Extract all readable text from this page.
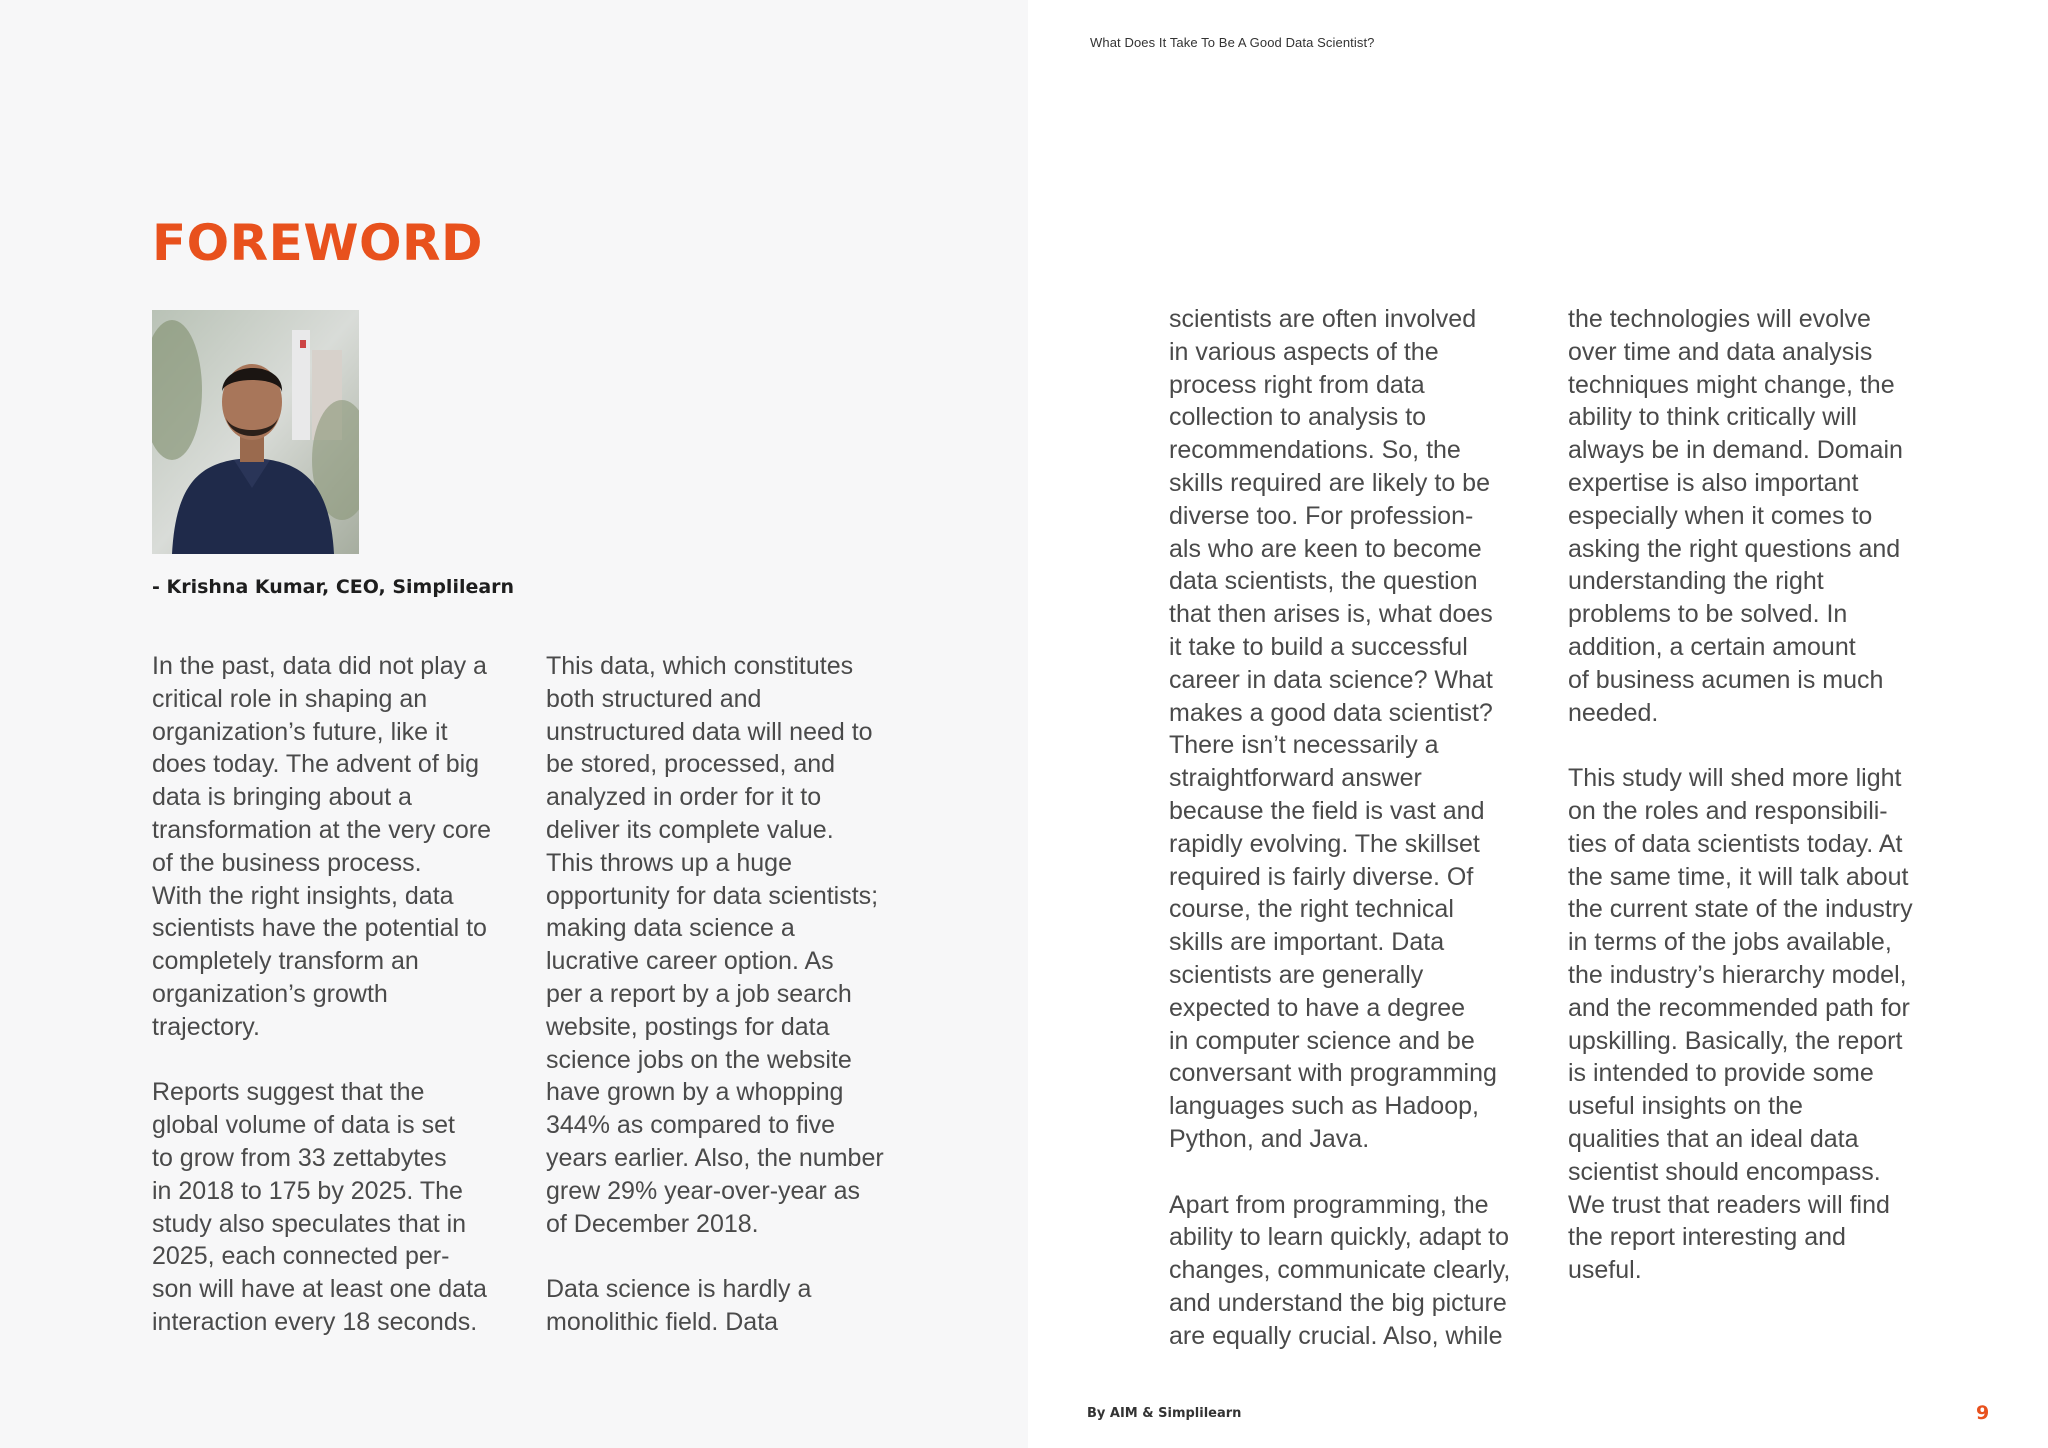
What Does It Take To Be A Good Data Scientist?
FOREWORD
- Krishna Kumar, CEO, Simplilearn

In the past, data did not play a
critical role in shaping an
organization’s future, like it
does today. The advent of big
data is bringing about a
transformation at the very core
of the business process.
With the right insights, data
scientists have the potential to
completely transform an
organization’s growth
trajectory.

Reports suggest that the
global volume of data is set
to grow from 33 zettabytes
in 2018 to 175 by 2025. The
study also speculates that in
2025, each connected per-
son will have at least one data
interaction every 18 seconds.

This data, which constitutes
both structured and
unstructured data will need to
be stored, processed, and
analyzed in order for it to
deliver its complete value.
This throws up a huge
opportunity for data scientists;
making data science a
lucrative career option. As
per a report by a job search
website, postings for data
science jobs on the website
have grown by a whopping
344% as compared to five
years earlier. Also, the number
grew 29% year-over-year as
of December 2018.

Data science is hardly a
monolithic field. Data

scientists are often involved
in various aspects of the
process right from data
collection to analysis to
recommendations. So, the
skills required are likely to be
diverse too. For profession-
als who are keen to become
data scientists, the question
that then arises is, what does
it take to build a successful
career in data science? What
makes a good data scientist?
There isn’t necessarily a
straightforward answer
because the field is vast and
rapidly evolving. The skillset
required is fairly diverse. Of
course, the right technical
skills are important. Data
scientists are generally
expected to have a degree
in computer science and be
conversant with programming
languages such as Hadoop,
Python, and Java.

Apart from programming, the
ability to learn quickly, adapt to
changes, communicate clearly,
and understand the big picture
are equally crucial. Also, while

the technologies will evolve
over time and data analysis
techniques might change, the
ability to think critically will
always be in demand. Domain
expertise is also important
especially when it comes to
asking the right questions and
understanding the right
problems to be solved. In
addition, a certain amount
of business acumen is much
needed.

This study will shed more light
on the roles and responsibili-
ties of data scientists today. At
the same time, it will talk about
the current state of the industry
in terms of the jobs available,
the industry’s hierarchy model,
and the recommended path for
upskilling. Basically, the report
is intended to provide some
useful insights on the
qualities that an ideal data
scientist should encompass.
We trust that readers will find
the report interesting and
useful.

By AIM & Simplilearn	9
